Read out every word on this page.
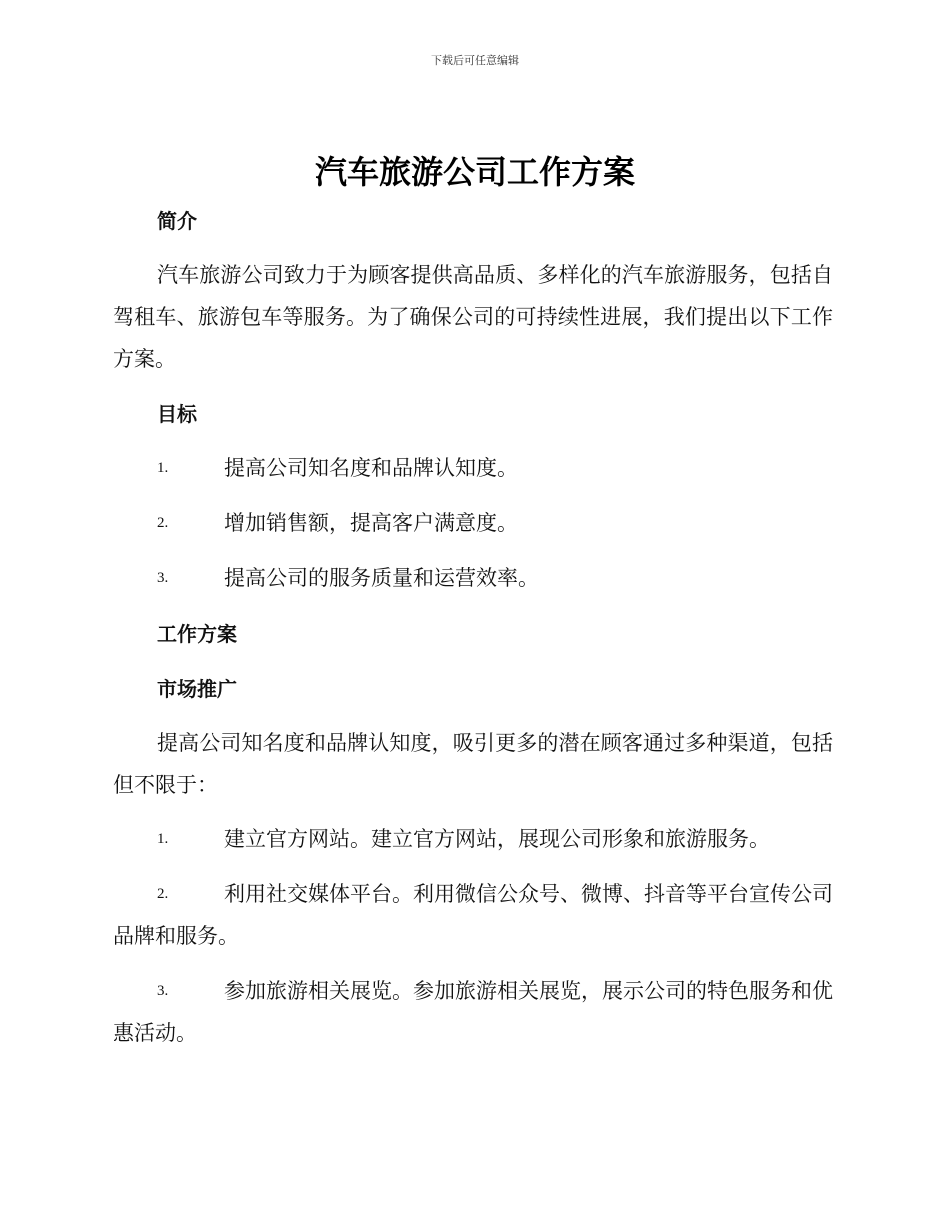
下载后可任意编辑
汽车旅游公司工作方案
简介

汽车旅游公司致力于为顾客提供高品质、多样化的汽车旅游服务，包括自驾租车、旅游包车等服务。为了确保公司的可持续性进展，我们提出以下工作方案。

目标
1.	提高公司知名度和品牌认知度。
2.	增加销售额，提高客户满意度。
3.	提高公司的服务质量和运营效率。
工作方案
市场推广

提高公司知名度和品牌认知度，吸引更多的潜在顾客通过多种渠道，包括但不限于：

1.	建立官方网站。建立官方网站，展现公司形象和旅游服务。
2.	利用社交媒体平台。利用微信公众号、微博、抖音等平台宣传公司品牌和服务。
3.	参加旅游相关展览。参加旅游相关展览，展示公司的特色服务和优惠活动。
